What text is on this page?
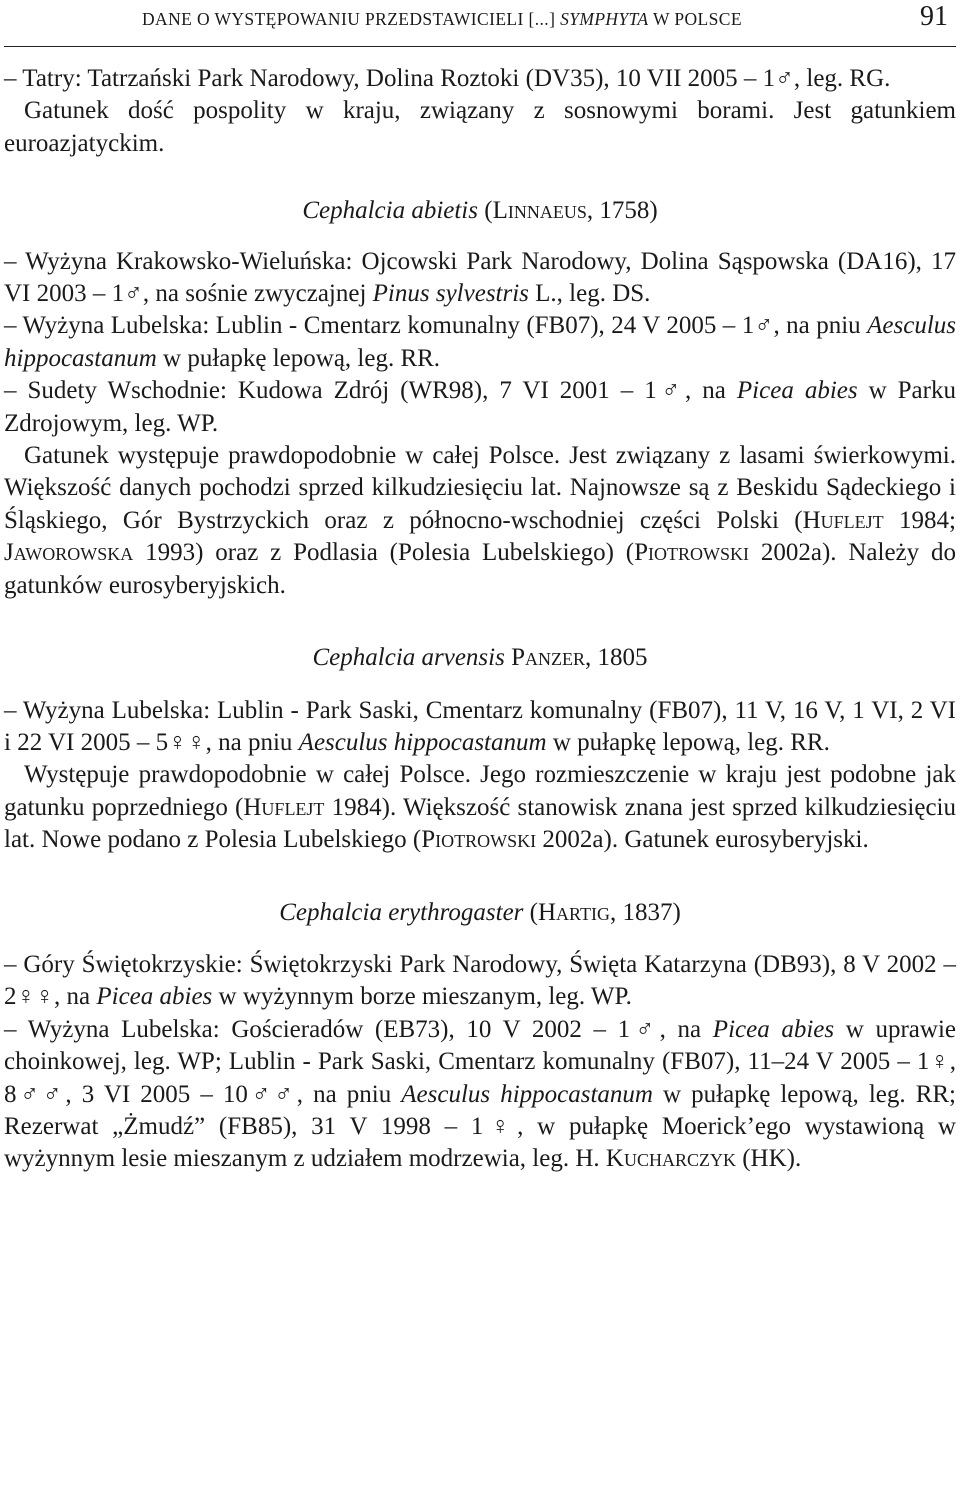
DANE O WYSTĘPOWANIU PRZEDSTAWICIELI [...] SYMPHYTA W POLSCE	91

– Tatry: Tatrzański Park Narodowy, Dolina Roztoki (DV35), 10 VII 2005 – 1♂, leg. RG.

Gatunek dość pospolity w kraju, związany z sosnowymi borami. Jest gatunkiem euroazjatyckim.

Cephalcia abietis (Linnaeus, 1758)

– Wyżyna Krakowsko-Wieluńska: Ojcowski Park Narodowy, Dolina Sąspowska (DA16), 17 VI 2003 – 1♂, na sośnie zwyczajnej Pinus sylvestris L., leg. DS.

– Wyżyna Lubelska: Lublin - Cmentarz komunalny (FB07), 24 V 2005 – 1♂, na pniu Aesculus hippocastanum w pułapkę lepową, leg. RR.

– Sudety Wschodnie: Kudowa Zdrój (WR98), 7 VI 2001 – 1♂, na Picea abies w Parku Zdrojowym, leg. WP.

Gatunek występuje prawdopodobnie w całej Polsce. Jest związany z lasami świerkowymi. Większość danych pochodzi sprzed kilkudziesięciu lat. Najnowsze są z Beskidu Sądeckiego i Śląskiego, Gór Bystrzyckich oraz z północno-wschodniej części Polski (Huflejt 1984; Jaworowska 1993) oraz z Podlasia (Polesia Lubelskiego) (Piotrowski 2002a). Należy do gatunków eurosyberyjskich.

Cephalcia arvensis Panzer, 1805

– Wyżyna Lubelska: Lublin - Park Saski, Cmentarz komunalny (FB07), 11 V, 16 V, 1 VI, 2 VI i 22 VI 2005 – 5♀♀, na pniu Aesculus hippocastanum w pułapkę lepową, leg. RR.

Występuje prawdopodobnie w całej Polsce. Jego rozmieszczenie w kraju jest podobne jak gatunku poprzedniego (Huflejt 1984). Większość stanowisk znana jest sprzed kilkudziesięciu lat. Nowe podano z Polesia Lubelskiego (Piotrowski 2002a). Gatunek eurosyberyjski.

Cephalcia erythrogaster (Hartig, 1837)

– Góry Świętokrzyskie: Świętokrzyski Park Narodowy, Święta Katarzyna (DB93), 8 V 2002 – 2♀♀, na Picea abies w wyżynnym borze mieszanym, leg. WP.

– Wyżyna Lubelska: Gościeradów (EB73), 10 V 2002 – 1♂, na Picea abies w uprawie choinkowej, leg. WP; Lublin - Park Saski, Cmentarz komunalny (FB07), 11–24 V 2005 – 1♀, 8♂♂, 3 VI 2005 – 10♂♂, na pniu Aesculus hippocastanum w pułapkę lepową, leg. RR; Rezerwat „Żmudź” (FB85), 31 V 1998 – 1♀, w pułapkę Moerick’ego wystawioną w wyżynnym lesie mieszanym z udziałem modrzewia, leg. H. Kucharczyk (HK).
